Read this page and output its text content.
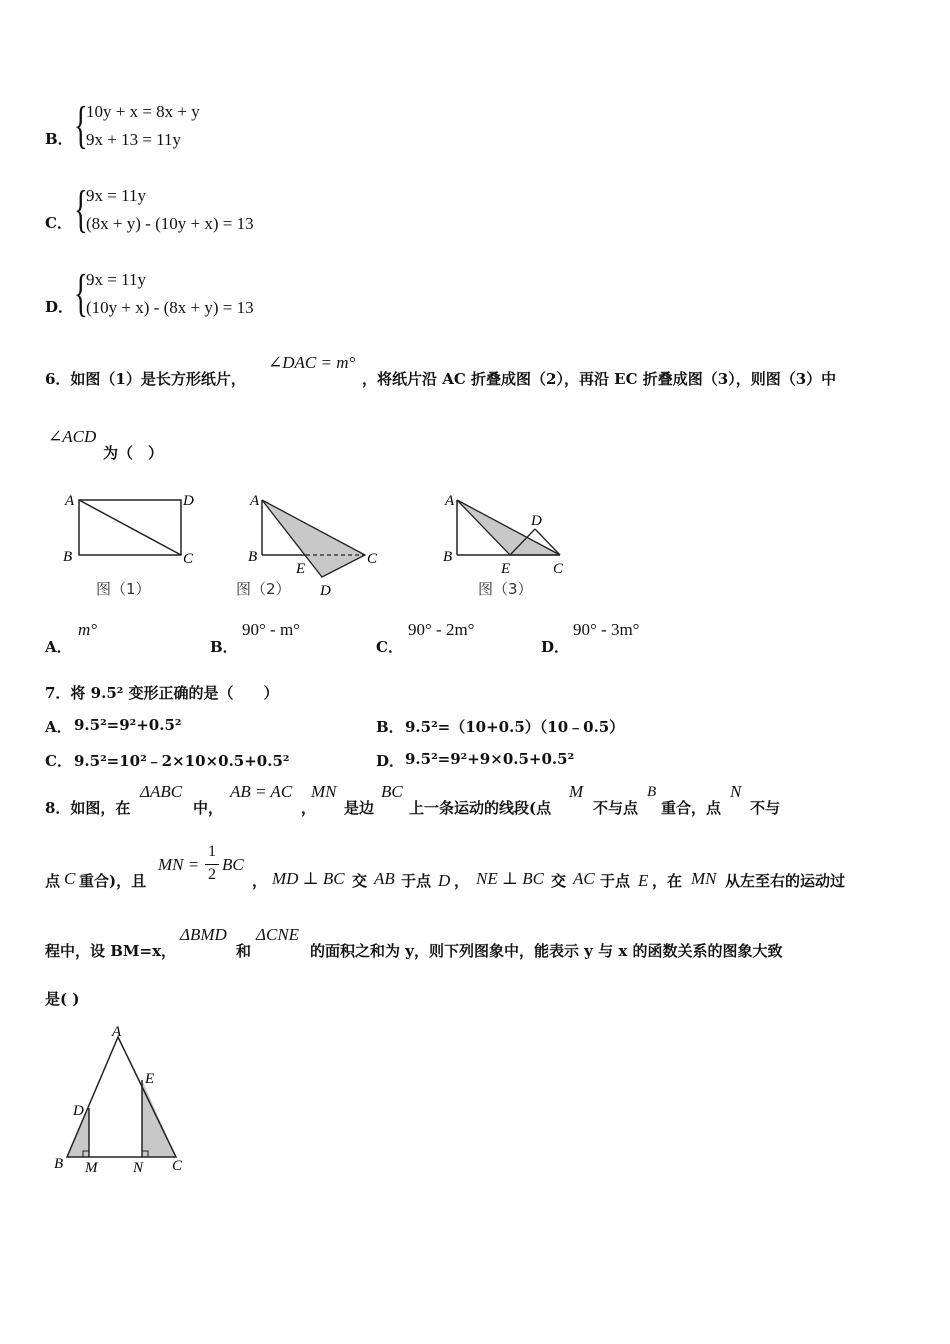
B． {
10y + x = 8x + y
9x + 13 = 11y
C． {
9x = 11y
(8x + y) - (10y + x) = 13
D． {
9x = 11y
(10y + x) - (8x + y) = 13
6．如图（1）是长方形纸片，
∠DAC = m°
，将纸片沿 AC 折叠成图（2），再沿 EC 折叠成图（3），则图（3）中
∠ACD
为（　）
A	D
B	C
图（1）
A
B
E
C
D
图（2）
A
D
B
E	C
图（3）
A．
m°
B．
90° - m°
C．
90° - 2m°
D．
90° - 3m°
7．将 9.5² 变形正确的是（　　）
A． 9.5²=9²+0.5²	B． 9.5²=（10+0.5）（10﹣0.5）
C． 9.5²=10²﹣2×10×0.5+0.5²	D． 9.5²=9²+9×0.5+0.5²
8．如图，在
ΔABC
中，
AB = AC
，
MN
是边
BC
上一条运动的线段(点
M
不与点
B
重合，点
N
不与
点 C 重合)，且
MN =
1
2
BC
， MD ⊥ BC 交 AB 于点 D ， NE ⊥ BC 交 AC 于点 E ，在 MN 从左至右的运动过
程中，设 BM=x，
ΔBMD
和
ΔCNE
的面积之和为 y，则下列图象中，能表示 y 与 x 的函数关系的图象大致
是( )
A
E
D
B M N C
